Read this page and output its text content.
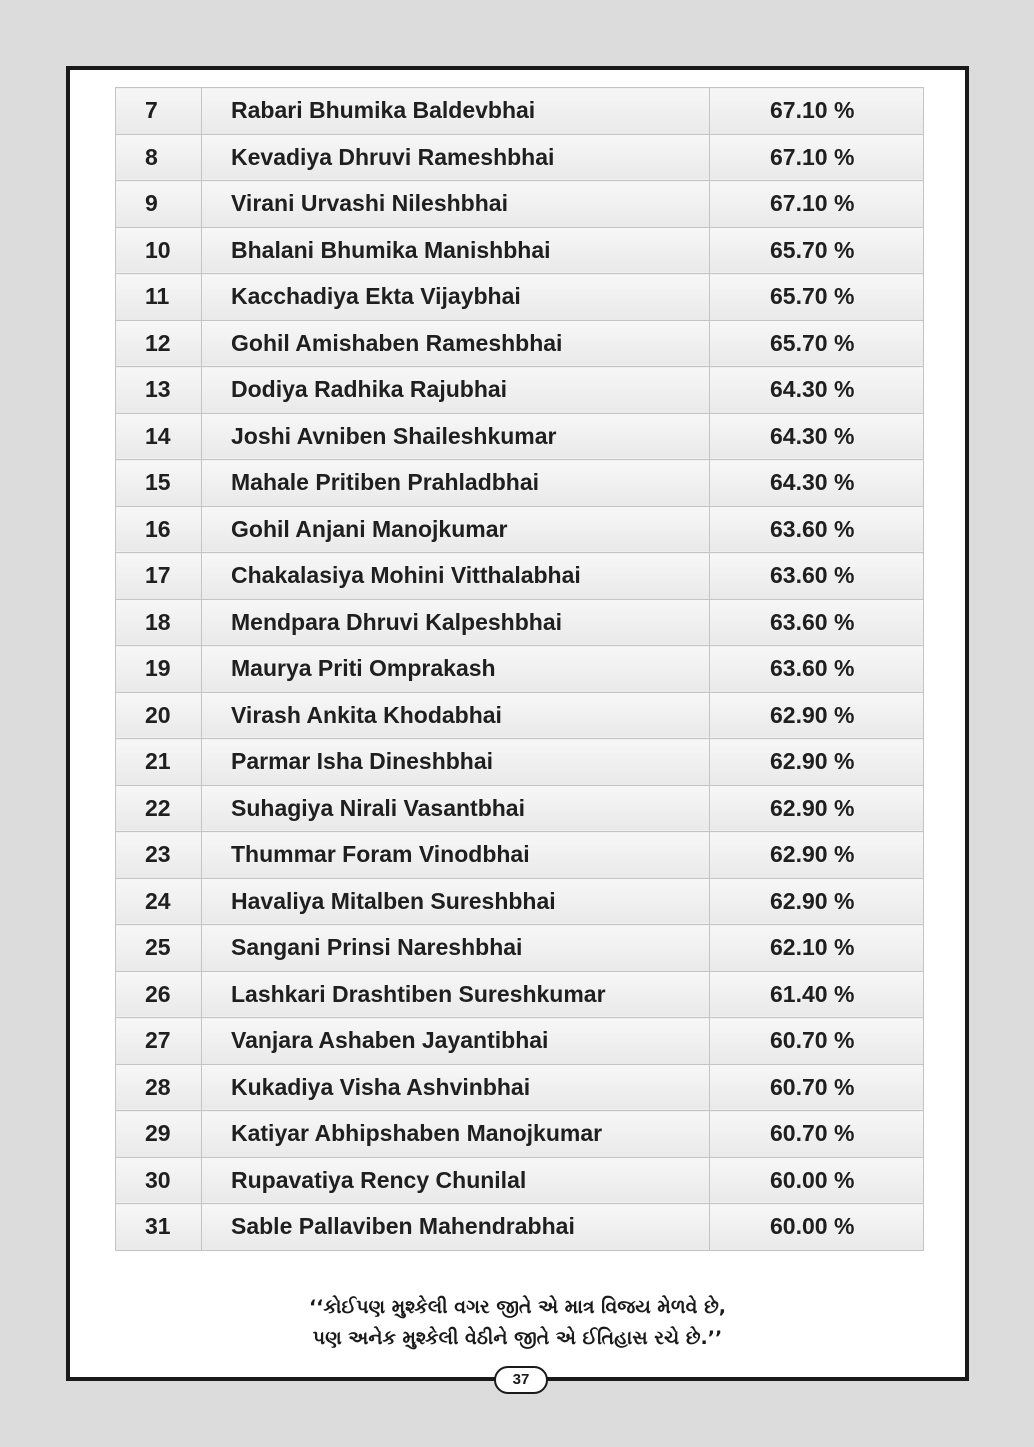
7	Rabari Bhumika Baldevbhai	67.10 %
8	Kevadiya Dhruvi Rameshbhai	67.10 %
9	Virani Urvashi Nileshbhai	67.10 %
10	Bhalani Bhumika Manishbhai	65.70 %
11	Kacchadiya Ekta Vijaybhai	65.70 %
12	Gohil Amishaben Rameshbhai	65.70 %
13	Dodiya Radhika Rajubhai	64.30 %
14	Joshi Avniben Shaileshkumar	64.30 %
15	Mahale Pritiben Prahladbhai	64.30 %
16	Gohil Anjani Manojkumar	63.60 %
17	Chakalasiya Mohini Vitthalabhai	63.60 %
18	Mendpara Dhruvi Kalpeshbhai	63.60 %
19	Maurya Priti Omprakash	63.60 %
20	Virash Ankita Khodabhai	62.90 %
21	Parmar Isha Dineshbhai	62.90 %
22	Suhagiya Nirali Vasantbhai	62.90 %
23	Thummar Foram Vinodbhai	62.90 %
24	Havaliya Mitalben Sureshbhai	62.90 %
25	Sangani Prinsi Nareshbhai	62.10 %
26	Lashkari Drashtiben Sureshkumar	61.40 %
27	Vanjara Ashaben Jayantibhai	60.70 %
28	Kukadiya Visha Ashvinbhai	60.70 %
29	Katiyar Abhipshaben Manojkumar	60.70 %
30	Rupavatiya Rency Chunilal	60.00 %
31	Sable Pallaviben Mahendrabhai	60.00 %
‘‘કોઈપણ મુશ્કેલી વગર જીતે એ માત્ર વિજય મેળવે છે,
પણ અનેક મુશ્કેલી વેઠીને જીતે એ ઈતિહાસ રચે છે.’’
37
